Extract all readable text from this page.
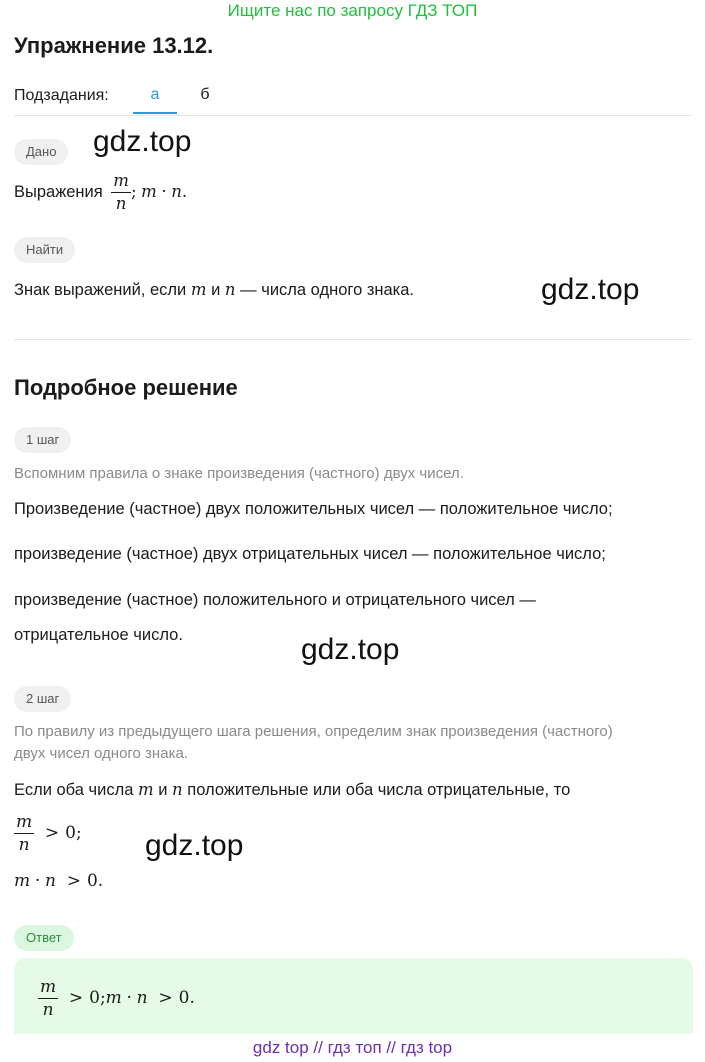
Ищите нас по запросу ГДЗ ТОП
Упражнение 13.12.
Подзадания:	а	б
Дано	gdz.top
Выражения $\frac{m}{n}$ ; m · n.
Найти
Знак выражений, если m и n — числа одного знака.	gdz.top
Подробное решение
1 шаг
Вспомним правила о знаке произведения (частного) двух чисел.
Произведение (частное) двух положительных чисел — положительное число;
произведение (частное) двух отрицательных чисел — положительное число;
произведение (частное) положительного и отрицательного чисел —
отрицательное число.	gdz.top
2 шаг
По правилу из предыдущего шага решения, определим знак произведения (частного)
двух чисел одного знака.
Если оба числа m и n положительные или оба числа отрицательные, то
$\frac{m}{n} > 0$; gdz.top
m · n > 0.
Ответ
$\frac{m}{n}$ > 0;m · n > 0.
gdz top // гдз топ // гдз top
